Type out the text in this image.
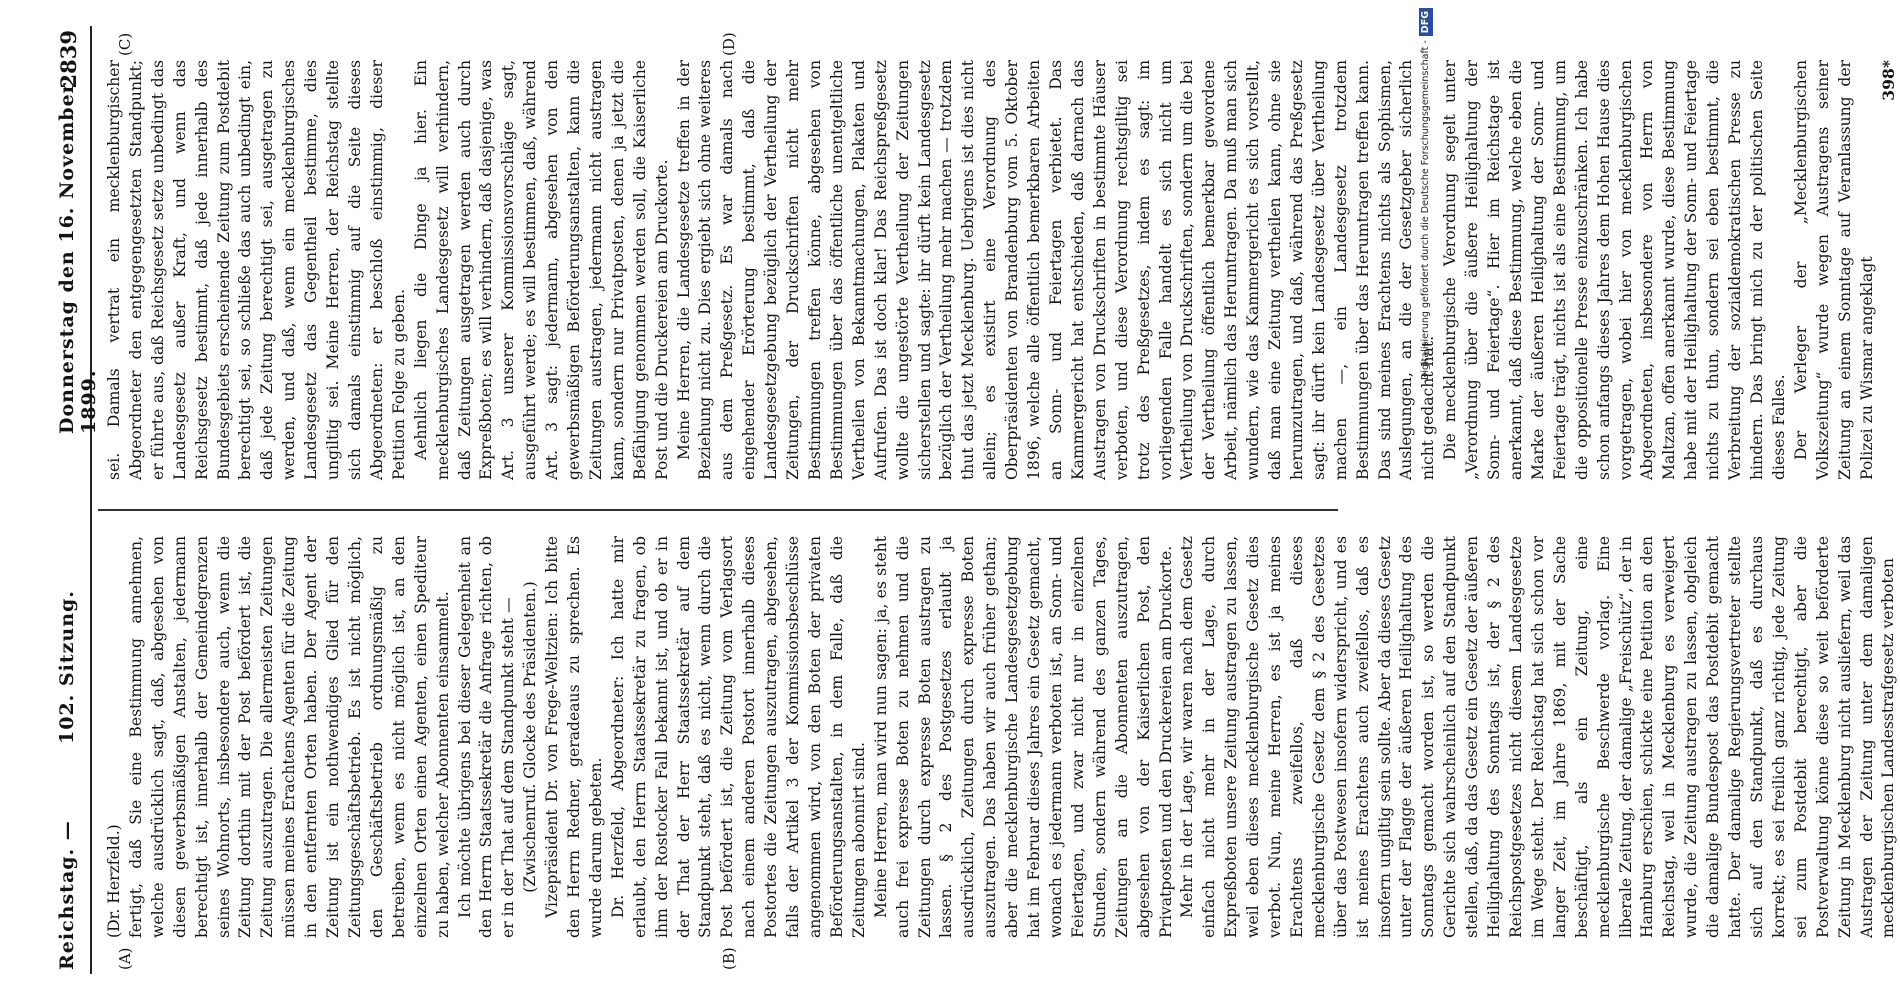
Reichstag. —
102. Sitzung.
Donnerstag den 16. November 1899.
2839
(A)	(B)
(C)	(D)

(Dr. Herzfeld.) fertigt, daß Sie eine Bestimmung annehmen, welche ausdrücklich sagt, daß, abgesehen von diesen gewerbsmäßigen Anstalten, jedermann berechtigt ist, innerhalb der Gemeindegrenzen seines Wohnorts, insbesondere auch, wenn die Zeitung dorthin mit der Post befördert ist, die Zeitung auszutragen. Die allermeisten Zeitungen müssen meines Erachtens Agenten für die Zeitung in den entfernten Orten haben. Der Agent der Zeitung ist ein nothwendiges Glied für den Zeitungsgeschäftsbetrieb. Es ist nicht möglich, den Geschäftsbetrieb ordnungsmäßig zu betreiben, wenn es nicht möglich ist, an den einzelnen Orten einen Agenten, einen Spediteur zu haben, welcher Abonnenten einsammelt. Ich möchte übrigens bei dieser Gelegenheit an den Herrn Staatssekretär die Anfrage richten, ob er in der That auf dem Standpunkt steht — (Zwischenruf. Glocke des Präsidenten.) Vizepräsident Dr. von Frege-Weltzien: Ich bitte den Herrn Redner, geradeaus zu sprechen. Es wurde darum gebeten. Dr. Herzfeld, Abgeordneter: Ich hatte mir erlaubt, den Herrn Staatssekretär zu fragen, ob ihm der Rostocker Fall bekannt ist, und ob er in der That der Herr Staatssekretär auf dem Standpunkt steht, daß es nicht, wenn durch die Post befördert ist, die Zeitung vom Verlagsort nach einem anderen Postort innerhalb dieses Postortes die Zeitungen auszutragen, abgesehen, falls der Artikel 3 der Kommissionsbeschlüsse angenommen wird, von den Boten der privaten Beförderungsanstalten, in dem Falle, daß die Zeitungen abonnirt sind. Meine Herren, man wird nun sagen: ja, es steht auch frei expresse Boten zu nehmen und die Zeitungen durch expresse Boten austragen zu lassen. § 2 des Postgesetzes erlaubt ja ausdrücklich, Zeitungen durch expresse Boten auszutragen. Das haben wir auch früher gethan; aber die mecklenburgische Landesgesetzgebung hat im Februar dieses Jahres ein Gesetz gemacht, wonach es jedermann verboten ist, an Sonn- und Feiertagen, und zwar nicht nur in einzelnen Stunden, sondern während des ganzen Tages, Zeitungen an die Abonnenten auszutragen, abgesehen von der Kaiserlichen Post, den Privatposten und den Druckereien am Druckorte. Mehr in der Lage, wir waren nach dem Gesetz einfach nicht mehr in der Lage, durch Expreßboten unsere Zeitung austragen zu lassen, weil eben dieses mecklenburgische Gesetz dies verbot. Nun, meine Herren, es ist ja meines Erachtens zweifellos, daß dieses mecklenburgische Gesetz dem § 2 des Gesetzes über das Postwesen insofern widerspricht, und es ist meines Erachtens auch zweifellos, daß es insofern ungiltig sein sollte. Aber da dieses Gesetz unter der Flagge der äußeren Heilighaltung des Sonntags gemacht worden ist, so werden die Gerichte sich wahrscheinlich auf den Standpunkt stellen, daß, da das Gesetz ein Gesetz der äußeren Heilighaltung des Sonntags ist, der § 2 des Reichspostgesetzes nicht diesem Landesgesetze im Wege steht. Der Reichstag hat sich schon vor langer Zeit, im Jahre 1869, mit der Sache beschäftigt, als ein Zeitung, eine mecklenburgische Beschwerde vorlag. Eine liberale Zeitung, der damalige „Freischütz“, der in Hamburg erschien, schickte eine Petition an den Reichstag, weil in Mecklenburg es verweigert wurde, die Zeitung austragen zu lassen, obgleich die damalige Bundespost das Postdebit gemacht hatte. Der damalige Regierungsvertreter stellte sich auf den Standpunkt, daß es durchaus korrekt; es sei freilich ganz richtig, jede Zeitung sei zum Postdebit berechtigt, aber die Postverwaltung könne diese so weit beförderte Zeitung in Mecklenburg nicht ausliefern, weil das Austragen der Zeitung unter dem damaligen mecklenburgischen Landesstrafgesetz verboten

sei. Damals vertrat ein mecklenburgischer Abgeordneter den entgegengesetzten Standpunkt; er führte aus, daß Reichsgesetz setze unbedingt das Landesgesetz außer Kraft, und wenn das Reichsgesetz bestimmt, daß jede innerhalb des Bundesgebiets erscheinende Zeitung zum Postdebit berechtigt sei, so schließe das auch unbedingt ein, daß jede Zeitung berechtigt sei, ausgetragen zu werden, und daß, wenn ein mecklenburgisches Landesgesetz das Gegentheil bestimme, dies ungiltig sei. Meine Herren, der Reichstag stellte sich damals einstimmig auf die Seite dieses Abgeordneten: er beschloß einstimmig, dieser Petition Folge zu geben. Aehnlich liegen die Dinge ja hier. Ein mecklenburgisches Landesgesetz will verhindern, daß Zeitungen ausgetragen werden auch durch Expreßboten; es will verhindern, daß dasjenige, was Art. 3 unserer Kommissionsvorschläge sagt, ausgeführt werde; es will bestimmen, daß, während Art. 3 sagt: jedermann, abgesehen von den gewerbsmäßigen Beförderungsanstalten, kann die Zeitungen austragen, jedermann nicht austragen kann, sondern nur Privatposten, denen ja jetzt die Befähigung genommen werden soll, die Kaiserliche Post und die Druckereien am Druckorte. Meine Herren, die Landesgesetze treffen in der Beziehung nicht zu. Dies ergiebt sich ohne weiteres aus dem Preßgesetz. Es war damals nach eingehender Erörterung bestimmt, daß die Landesgesetzgebung bezüglich der Vertheilung der Zeitungen, der Druckschriften nicht mehr Bestimmungen treffen könne, abgesehen von Bestimmungen über das öffentliche unentgeltliche Vertheilen von Bekanntmachungen, Plakaten und Aufrufen. Das ist doch klar! Das Reichspreßgesetz wollte die ungestörte Vertheilung der Zeitungen sicherstellen und sagte: ihr dürft kein Landesgesetz bezüglich der Vertheilung mehr machen — trotzdem thut das jetzt Mecklenburg. Uebrigens ist dies nicht allein; es existirt eine Verordnung des Oberpräsidenten von Brandenburg vom 5. Oktober 1896, welche alle öffentlich bemerkbaren Arbeiten an Sonn- und Feiertagen verbietet. Das Kammergericht hat entschieden, daß darnach das Austragen von Druckschriften in bestimmte Häuser verboten, und diese Verordnung rechtsgiltig sei trotz des Preßgesetzes, indem es sagt: im vorliegenden Falle handelt es sich nicht um Vertheilung von Druckschriften, sondern um die bei der Vertheilung öffentlich bemerkbar gewordene Arbeit, nämlich das Herumtragen. Da muß man sich wundern, wie das Kammergericht es sich vorstellt, daß man eine Zeitung vertheilen kann, ohne sie herumzutragen, und daß, während das Preßgesetz sagt: ihr dürft kein Landesgesetz über Vertheilung machen —, ein Landesgesetz trotzdem Bestimmungen über das Herumtragen treffen kann. Das sind meines Erachtens nichts als Sophismen, Auslegungen, an die der Gesetzgeber sicherlich nicht gedacht hat. Die mecklenburgische Verordnung segelt unter „Verordnung über die äußere Heilighaltung der Sonn- und Feiertage“. Hier im Reichstage ist anerkannt, daß diese Bestimmung, welche eben die Marke der äußeren Heilighaltung der Sonn- und Feiertage trägt, nichts ist als eine Bestimmung, um die oppositionelle Presse einzuschränken. Ich habe schon anfangs dieses Jahres dem Hohen Hause dies vorgetragen, wobei hier von mecklenburgischen Abgeordneten, insbesondere von Herrn von Maltzan, offen anerkannt wurde, diese Bestimmung habe mit der Heilighaltung der Sonn- und Feiertage nichts zu thun, sondern sei eben bestimmt, die Verbreitung der sozialdemokratischen Presse zu hindern. Das bringt mich zu der politischen Seite dieses Falles. Der Verleger der „Mecklenburgischen Volkszeitung“ wurde wegen Austragens seiner Zeitung an einem Sonntage auf Veranlassung der Polizei zu Wismar angeklagt

398*

Digitalisierung gefördert durch die Deutsche Forschungsgemeinschaft -DFG
